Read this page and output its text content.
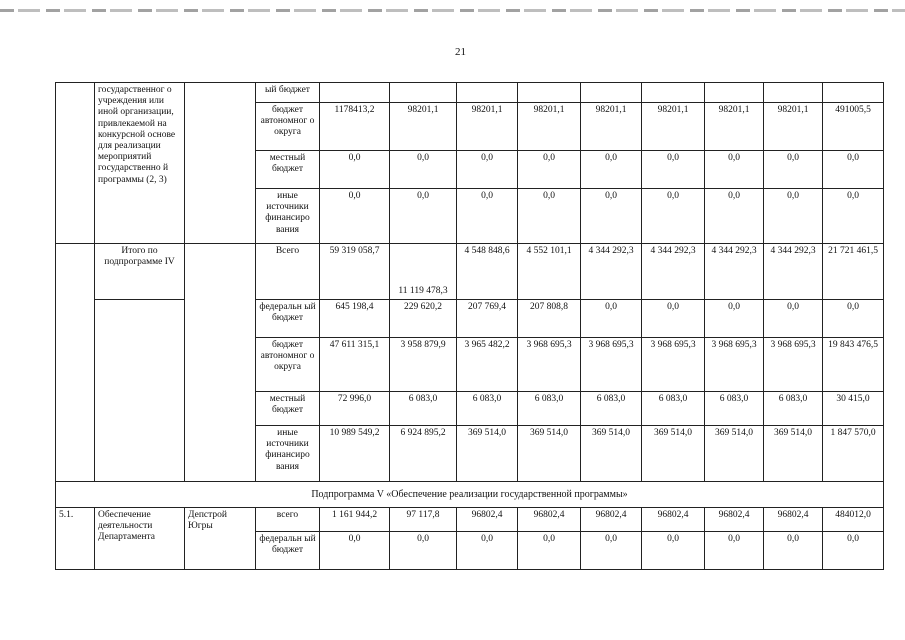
21
	государственног о учреждения или иной организации, привлекаемой на конкурсной основе для реализации мероприятий государственно й программы (2, 3)		ый бюджет									
			бюджет автономног о округа	1178413,2	98201,1	98201,1	98201,1	98201,1	98201,1	98201,1	98201,1	491005,5
			местный бюджет	0,0	0,0	0,0	0,0	0,0	0,0	0,0	0,0	0,0
			иные источники финансиро вания	0,0	0,0	0,0	0,0	0,0	0,0	0,0	0,0	0,0
	Итого по подпрограмме IV		Всего	59 319 058,7	11 119 478,3	4 548 848,6	4 552 101,1	4 344 292,3	4 344 292,3	4 344 292,3	4 344 292,3	21 721 461,5
			федеральн ый бюджет	645 198,4	229 620,2	207 769,4	207 808,8	0,0	0,0	0,0	0,0	0,0
			бюджет автономног о округа	47 611 315,1	3 958 879,9	3 965 482,2	3 968 695,3	3 968 695,3	3 968 695,3	3 968 695,3	3 968 695,3	19 843 476,5
			местный бюджет	72 996,0	6 083,0	6 083,0	6 083,0	6 083,0	6 083,0	6 083,0	6 083,0	30 415,0
			иные источники финансиро вания	10 989 549,2	6 924 895,2	369 514,0	369 514,0	369 514,0	369 514,0	369 514,0	369 514,0	1 847 570,0
Подпрограмма V «Обеспечение реализации государственной программы»												
5.1.	Обеспечение деятельности Департамента	Депстрой Югры	всего	1 161 944,2	97 117,8	96802,4	96802,4	96802,4	96802,4	96802,4	96802,4	484012,0
			федеральн ый бюджет	0,0	0,0	0,0	0,0	0,0	0,0	0,0	0,0	0,0
